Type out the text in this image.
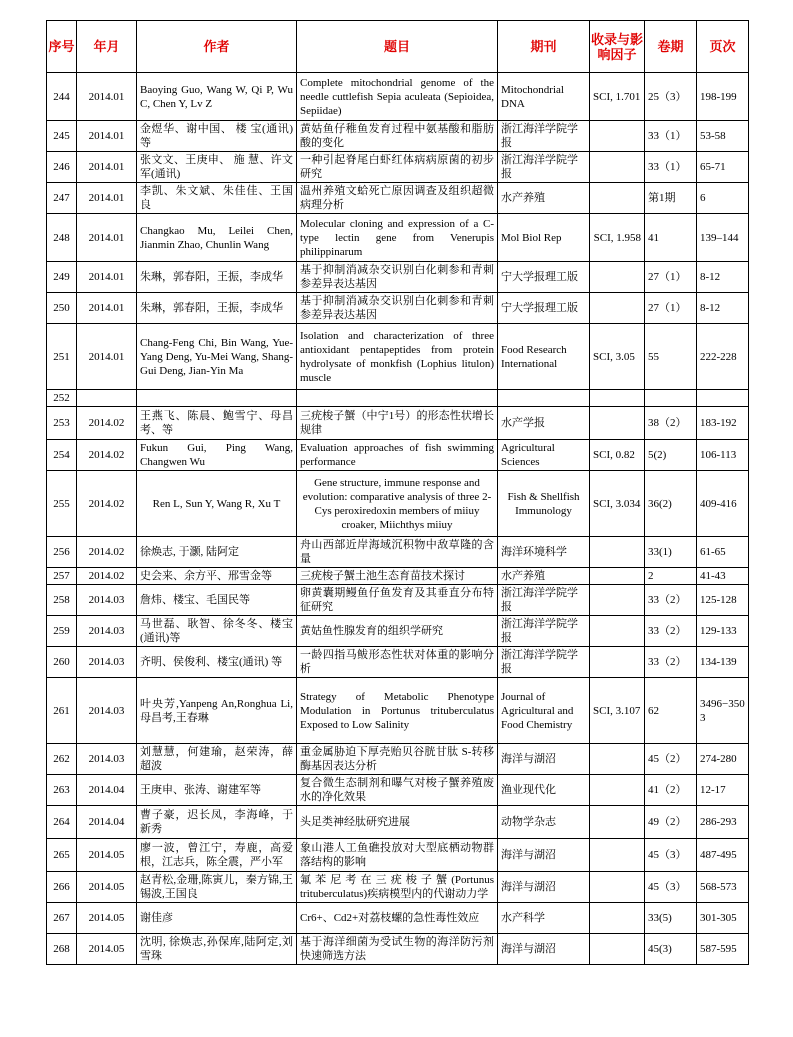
序号	年月	作者	题目	期刊	收录与影响因子	卷期	页次
244	2014.01	Baoying Guo, Wang W, Qi P, Wu C, Chen Y, Lv Z	Complete mitochondrial genome of the needle cuttlefish Sepia aculeata (Sepioidea, Sepiidae)	Mitochondrial DNA	SCI, 1.701	25（3）	198-199
245	2014.01	金煜华、谢中国、 楼 宝(通讯) 等	黄姑鱼仔稚鱼发育过程中氨基酸和脂肪酸的变化	浙江海洋学院学报		33（1）	53-58
246	2014.01	张文文、王庚申、 施 慧、许文军(通讯)	一种引起脊尾白虾红体病病原菌的初步研究	浙江海洋学院学报		33（1）	65-71
247	2014.01	李凯、朱文斌、朱佳佳、王国良	温州养殖文蛤死亡原因调查及组织超微病理分析	水产养殖		第1期	6
248	2014.01	Changkao Mu, Leilei Chen, Jianmin Zhao, Chunlin Wang	Molecular cloning and expression of a C-type lectin gene from Venerupis philippinarum	Mol Biol Rep	SCI, 1.958	41	139–144
249	2014.01	朱琳，郭春阳，王振，李成华	基于抑制消减杂交识别白化刺参和青刺参差异表达基因	宁大学报理工版		27（1）	8-12
250	2014.01	朱琳，郭春阳，王振，李成华	基于抑制消减杂交识别白化刺参和青刺参差异表达基因	宁大学报理工版		27（1）	8-12
251	2014.01	Chang-Feng Chi, Bin Wang, Yue-Yang Deng, Yu-Mei Wang, Shang-Gui Deng, Jian-Yin Ma	Isolation and characterization of three antioxidant pentapeptides from protein hydrolysate of monkfish (Lophius litulon) muscle	Food Research International	SCI, 3.05	55	222-228
252							
253	2014.02	王燕飞、陈晨、鲍雪宁、母昌考、等	三疣梭子蟹（中宁1号）的形态性状增长规律	水产学报		38（2）	183-192
254	2014.02	Fukun Gui, Ping Wang, Changwen Wu	Evaluation approaches of fish swimming performance	Agricultural Sciences	SCI, 0.82	5(2)	106-113
255	2014.02	Ren L, Sun Y, Wang R, Xu T	Gene structure, immune response and evolution: comparative analysis of three 2-Cys peroxiredoxin members of miiuy croaker, Miichthys miiuy	Fish & Shellfish Immunology	SCI, 3.034	36(2)	409-416
256	2014.02	徐焕志, 于灏, 陆阿定	舟山西部近岸海域沉积物中敌草隆的含量	海洋环境科学		33(1)	61-65
257	2014.02	史会来、余方平、邢雪金等	三疣梭子蟹土池生态育苗技术探讨	水产养殖		2	41-43
258	2014.03	詹炜、楼宝、毛国民等	卵黄囊期鳗鱼仔鱼发育及其垂直分布特征研究	浙江海洋学院学报		33（2）	125-128
259	2014.03	马世磊、耿智、徐冬冬、楼宝(通讯)等	黄姑鱼性腺发育的组织学研究	浙江海洋学院学报		33（2）	129-133
260	2014.03	齐明、侯俊利、楼宝(通讯) 等	一龄四指马鲅形态性状对体重的影响分析	浙江海洋学院学报		33（2）	134-139
261	2014.03	叶央芳,Yanpeng An,Ronghua Li,母昌考,王春琳	Strategy of Metabolic Phenotype Modulation in Portunus trituberculatus Exposed to Low Salinity	Journal of Agricultural and Food Chemistry	SCI, 3.107	62	3496−3503
262	2014.03	刘慧慧，何建瑜，赵荣涛，薛超波	重金属胁迫下厚壳贻贝谷胱甘肽 S-转移酶基因表达分析	海洋与湖沼		45（2）	274-280
263	2014.04	王庚申、张涛、谢建军等	复合微生态制剂和曝气对梭子蟹养殖废水的净化效果	渔业现代化		41（2）	12-17
264	2014.04	曹子豪，迟长凤，李海峰，于新秀	头足类神经肽研究进展	动物学杂志		49（2）	286-293
265	2014.05	廖一波，曾江宁，寿鹿，高爱根，江志兵，陈全震，严小军	象山港人工鱼礁投放对大型底栖动物群落结构的影响	海洋与湖沼		45（3）	487-495
266	2014.05	赵青松,金珊,陈寅儿，秦方锦,王锡波,王国良	氟苯尼考在三疣梭子蟹(Portunus trituberculatus)疾病模型内的代谢动力学	海洋与湖沼		45（3）	568-573
267	2014.05	谢佳彦	Cr6+、Cd2+对荔枝螺的急性毒性效应	水产科学		33(5)	301-305
268	2014.05	沈明, 徐焕志,孙保库,陆阿定,刘雪珠	基于海洋细菌为受试生物的海洋防污剂快速筛选方法	海洋与湖沼		45(3)	587-595
